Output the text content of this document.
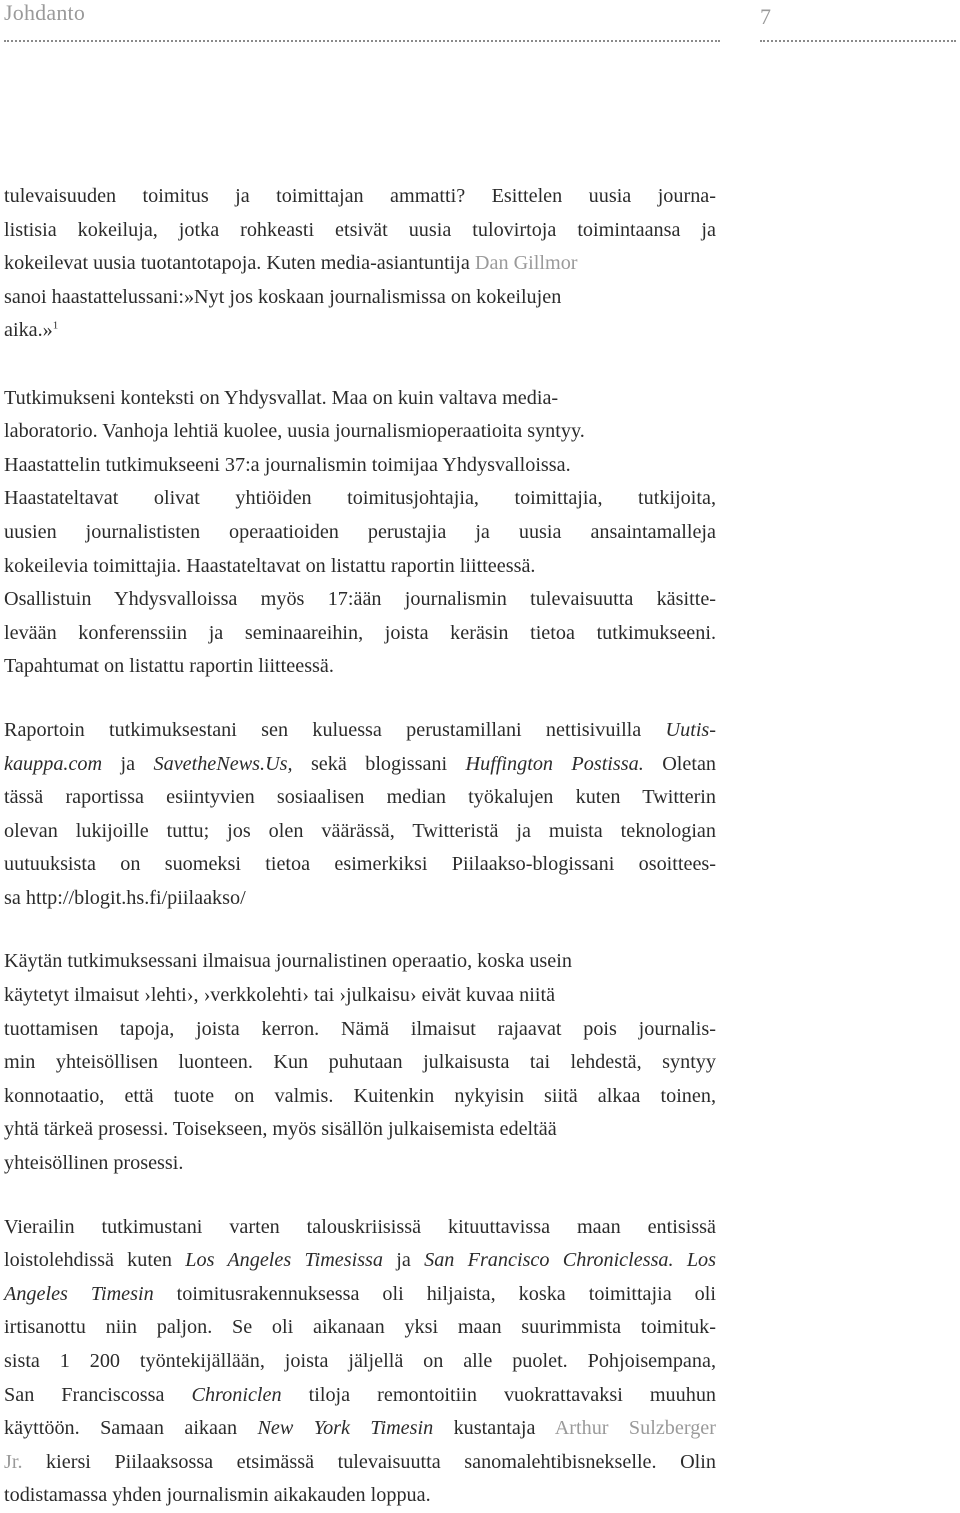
Johdanto	7

tulevaisuuden toimitus ja toimittajan ammatti? Esittelen uusia journa-
listisia kokeiluja, jotka rohkeasti etsivät uusia tulovirtoja toimintaansa ja
kokeilevat uusia tuotantotapoja. Kuten media-asiantuntija Dan Gillmor
sanoi haastattelussani:»Nyt jos koskaan journalismissa on kokeilujen
aika.»$^1$

Tutkimukseni konteksti on Yhdysvallat. Maa on kuin valtava media-
laboratorio. Vanhoja lehtiä kuolee, uusia journalismioperaatioita syntyy.
Haastattelin tutkimukseeni 37:a journalismin toimijaa Yhdysvalloissa.
Haastateltavat olivat yhtiöiden toimitusjohtajia, toimittajia, tutkijoita,
uusien journalististen operaatioiden perustajia ja uusia ansaintamalleja
kokeilevia toimittajia. Haastateltavat on listattu raportin liitteessä.
Osallistuin Yhdysvalloissa myös 17:ään journalismin tulevaisuutta käsitte-
levään konferenssiin ja seminaareihin, joista keräsin tietoa tutkimukseeni.
Tapahtumat on listattu raportin liitteessä.

Raportoin tutkimuksestani sen kuluessa perustamillani nettisivuilla Uutis-
kauppa.com ja SavetheNews.Us, sekä blogissani Huffington Postissa. Oletan
tässä raportissa esiintyvien sosiaalisen median työkalujen kuten Twitterin
olevan lukijoille tuttu; jos olen väärässä, Twitteristä ja muista teknologian
uutuuksista on suomeksi tietoa esimerkiksi Piilaakso-blogissani osoittees-
sa http://blogit.hs.fi/piilaakso/

Käytän tutkimuksessani ilmaisua journalistinen operaatio, koska usein
käytetyt ilmaisut ›lehti›, ›verkkolehti› tai ›julkaisu› eivät kuvaa niitä
tuottamisen tapoja, joista kerron. Nämä ilmaisut rajaavat pois journalis-
min yhteisöllisen luonteen. Kun puhutaan julkaisusta tai lehdestä, syntyy
konnotaatio, että tuote on valmis. Kuitenkin nykyisin siitä alkaa toinen,
yhtä tärkeä prosessi. Toisekseen, myös sisällön julkaisemista edeltää
yhteisöllinen prosessi.

Vierailin tutkimustani varten talouskriisissä kituuttavissa maan entisissä
loistolehdissä kuten Los Angeles Timesissa ja San Francisco Chroniclessa. Los
Angeles Timesin toimitusrakennuksessa oli hiljaista, koska toimittajia oli
irtisanottu niin paljon. Se oli aikanaan yksi maan suurimmista toimituk-
sista 1 200 työntekijällään, joista jäljellä on alle puolet. Pohjoisempana,
San Franciscossa Chroniclen tiloja remontoitiin vuokrattavaksi muuhun
käyttöön. Samaan aikaan New York Timesin kustantaja Arthur Sulzberger
Jr. kiersi Piilaaksossa etsimässä tulevaisuutta sanomalehtibisnekselle. Olin
todistamassa yhden journalismin aikakauden loppua.
